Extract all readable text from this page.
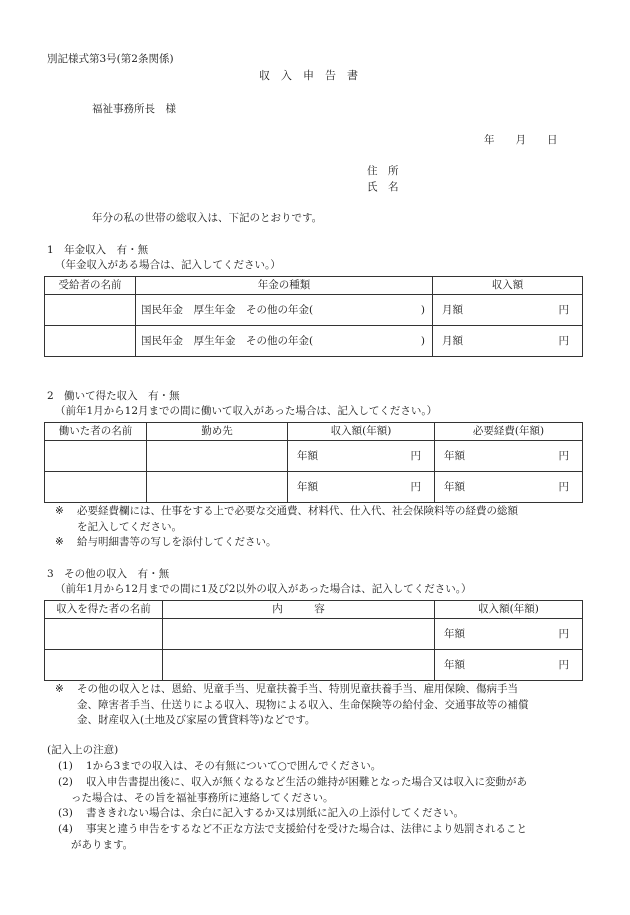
別記様式第3号(第2条関係)
収　入　申　告　書
福祉事務所長　様
年　　月　　日
住　所
氏　名
年分の私の世帯の総収入は、下記のとおりです。
1　年金収入　有・無
（年金収入がある場合は、記入してください。）
受給者の名前	年金の種類	収入額

	国民年金　厚生年金　その他の年金( )	月額 円

	国民年金　厚生年金　その他の年金( )	月額 円
2　働いて得た収入　有・無
（前年1月から12月までの間に働いて収入があった場合は、記入してください。）
働いた者の名前	勤め先	収入額(年額)	必要経費(年額)

		年額 円	年額 円

		年額 円	年額 円
※ 必要経費欄には、仕事をする上で必要な交通費、材料代、仕入代、社会保険料等の経費の総額
を記入してください。
※ 給与明細書等の写しを添付してください。
3　その他の収入　有・無
（前年1月から12月までの間に1及び2以外の収入があった場合は、記入してください。）
収入を得た者の名前	内　　　容	収入額(年額)

		年額 円

		年額 円
※ その他の収入とは、恩給、児童手当、児童扶養手当、特別児童扶養手当、雇用保険、傷病手当
金、障害者手当、仕送りによる収入、現物による収入、生命保険等の給付金、交通事故等の補償
金、財産収入(土地及び家屋の賃貸料等)などです。
(記入上の注意)
(1) 1から3までの収入は、その有無について○で囲んでください。
(2) 収入申告書提出後に、収入が無くなるなど生活の維持が困難となった場合又は収入に変動があ
った場合は、その旨を福祉事務所に連絡してください。
(3) 書ききれない場合は、余白に記入するか又は別紙に記入の上添付してください。
(4) 事実と違う申告をするなど不正な方法で支援給付を受けた場合は、法律により処罰されること
があります。
